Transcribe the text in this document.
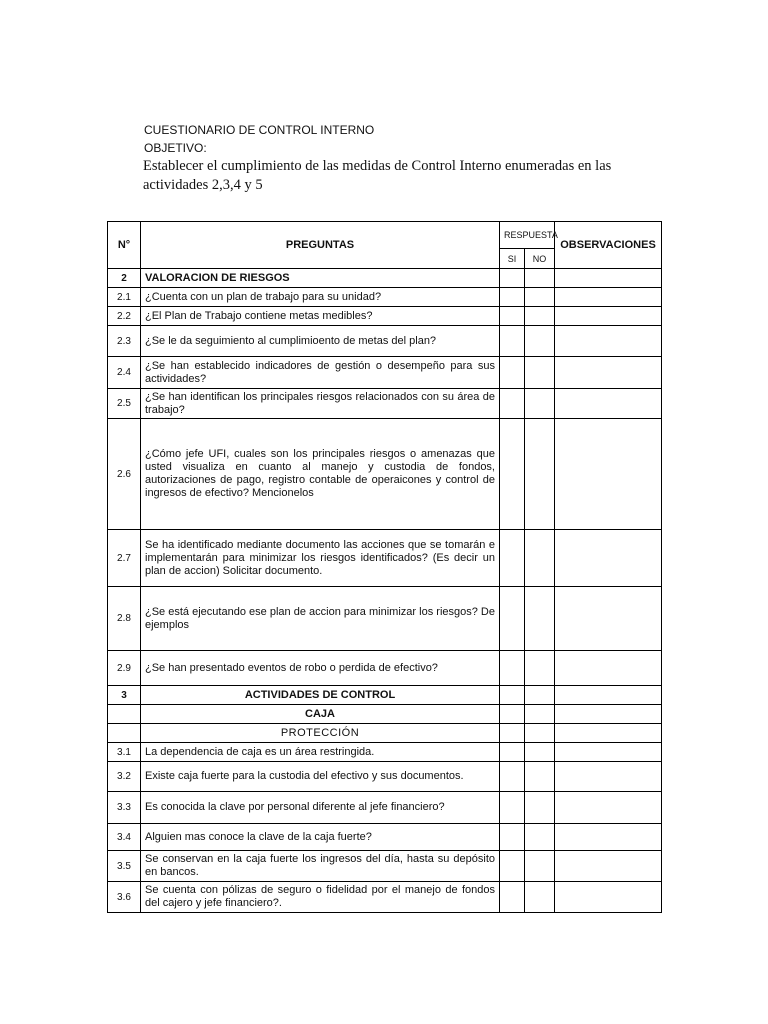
CUESTIONARIO DE CONTROL INTERNO
OBJETIVO:
Establecer el cumplimiento de las medidas de Control Interno enumeradas en las actividades 2,3,4 y 5
N°	PREGUNTAS	RESPUESTA		OBSERVACIONES
		SI	NO	
2	VALORACION DE RIESGOS			
2.1	¿Cuenta con un plan de trabajo para su unidad?			
2.2	¿El Plan de Trabajo contiene metas medibles?			
2.3	¿Se le da seguimiento al cumplimioento de metas del plan?			
2.4	¿Se han establecido indicadores de gestión o desempeño para sus actividades?			
2.5	¿Se han identifican los principales riesgos relacionados con su área de trabajo?			
2.6	¿Cómo jefe UFI, cuales son los principales riesgos o amenazas que usted visualiza en cuanto al manejo y custodia de fondos, autorizaciones de pago, registro contable de operaicones y control de ingresos de efectivo? Mencionelos			
2.7	Se ha identificado mediante documento las acciones que se tomarán e implementarán para minimizar los riesgos identificados? (Es decir un plan de accion) Solicitar documento.			
2.8	¿Se está ejecutando ese plan de accion para minimizar los riesgos? De ejemplos			
2.9	¿Se han presentado eventos de robo o perdida de efectivo?			
3	ACTIVIDADES DE CONTROL			
	CAJA			
	PROTECCIÓN			
3.1	La dependencia de caja es un área restringida.			
3.2	Existe caja fuerte para la custodia del efectivo y sus documentos.			
3.3	Es conocida la clave por personal diferente al jefe financiero?			
3.4	Alguien mas conoce la clave de la caja fuerte?			
3.5	Se conservan en la caja fuerte los ingresos del día, hasta su depósito en bancos.			
3.6	Se cuenta con pólizas de seguro o fidelidad por el manejo de fondos del cajero y jefe financiero?.			
